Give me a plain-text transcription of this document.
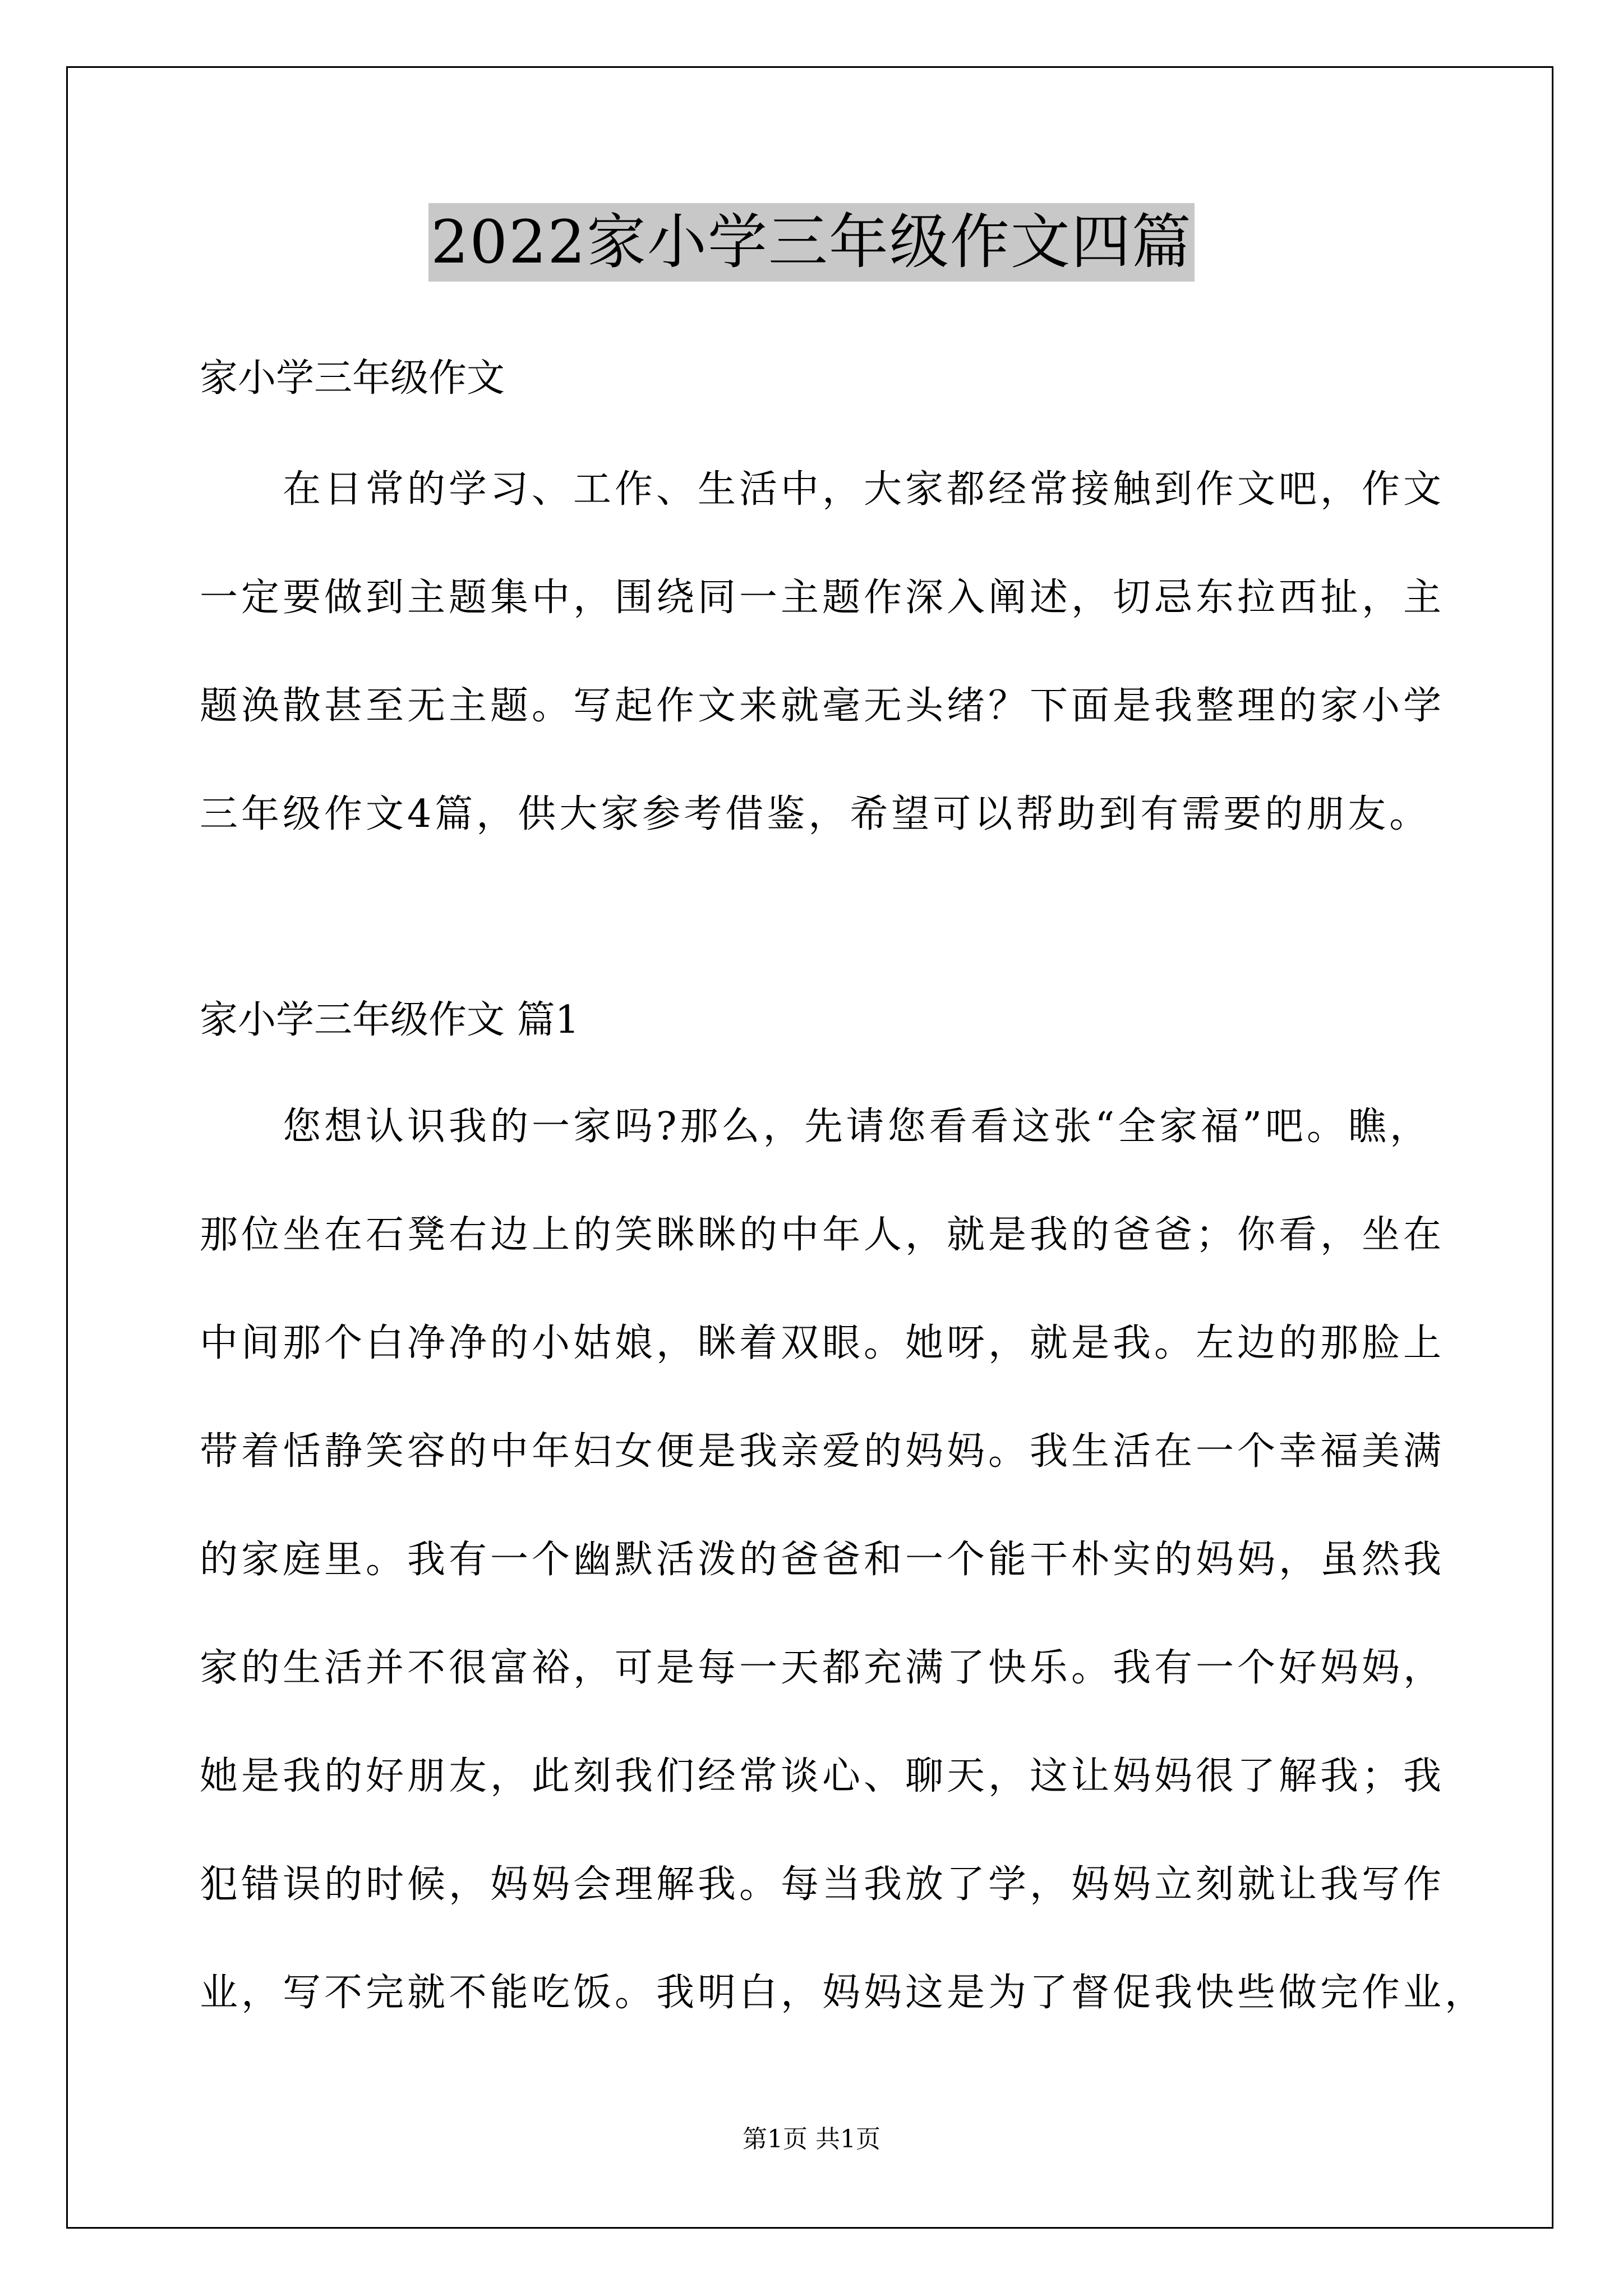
2022家小学三年级作文四篇
家小学三年级作文
　　在日常的学习、工作、生活中，大家都经常接触到作文吧，作文
一定要做到主题集中，围绕同一主题作深入阐述，切忌东拉西扯，主
题涣散甚至无主题。写起作文来就毫无头绪？下面是我整理的家小学
三年级作文4篇，供大家参考借鉴，希望可以帮助到有需要的朋友。
家小学三年级作文 篇1
　　您想认识我的一家吗?那么，先请您看看这张“全家福”吧。瞧，
那位坐在石凳右边上的笑眯眯的中年人，就是我的爸爸；你看，坐在
中间那个白净净的小姑娘，眯着双眼。她呀，就是我。左边的那脸上
带着恬静笑容的中年妇女便是我亲爱的妈妈。我生活在一个幸福美满
的家庭里。我有一个幽默活泼的爸爸和一个能干朴实的妈妈，虽然我
家的生活并不很富裕，可是每一天都充满了快乐。我有一个好妈妈，
她是我的好朋友，此刻我们经常谈心、聊天，这让妈妈很了解我；我
犯错误的时候，妈妈会理解我。每当我放了学，妈妈立刻就让我写作
业，写不完就不能吃饭。我明白，妈妈这是为了督促我快些做完作业，
第1页 共1页
